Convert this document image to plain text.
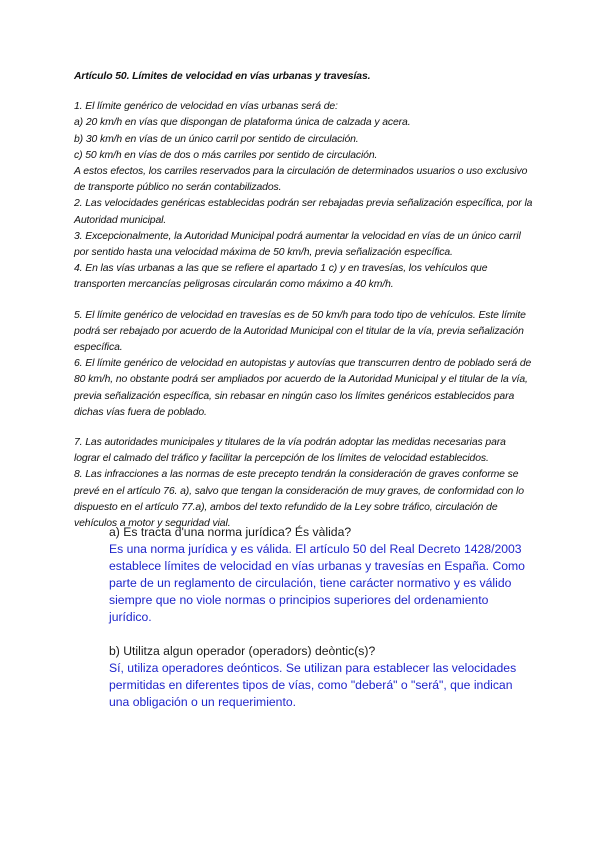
Artículo 50. Límites de velocidad en vías urbanas y travesías.

1. El límite genérico de velocidad en vías urbanas será de:

a) 20 km/h en vías que dispongan de plataforma única de calzada y acera.

b) 30 km/h en vías de un único carril por sentido de circulación.

c) 50 km/h en vías de dos o más carriles por sentido de circulación.

A estos efectos, los carriles reservados para la circulación de determinados usuarios o uso exclusivo de transporte público no serán contabilizados.

2. Las velocidades genéricas establecidas podrán ser rebajadas previa señalización específica, por la Autoridad municipal.

3. Excepcionalmente, la Autoridad Municipal podrá aumentar la velocidad en vías de un único carril por sentido hasta una velocidad máxima de 50 km/h, previa señalización específica.

4. En las vías urbanas a las que se refiere el apartado 1 c) y en travesías, los vehículos que transporten mercancías peligrosas circularán como máximo a 40 km/h.

5. El límite genérico de velocidad en travesías es de 50 km/h para todo tipo de vehículos. Este límite podrá ser rebajado por acuerdo de la Autoridad Municipal con el titular de la vía, previa señalización específica.

6. El límite genérico de velocidad en autopistas y autovías que transcurren dentro de poblado será de 80 km/h, no obstante podrá ser ampliados por acuerdo de la Autoridad Municipal y el titular de la vía, previa señalización específica, sin rebasar en ningún caso los límites genéricos establecidos para dichas vías fuera de poblado.

7. Las autoridades municipales y titulares de la vía podrán adoptar las medidas necesarias para lograr el calmado del tráfico y facilitar la percepción de los límites de velocidad establecidos.

8. Las infracciones a las normas de este precepto tendrán la consideración de graves conforme se prevé en el artículo 76. a), salvo que tengan la consideración de muy graves, de conformidad con lo dispuesto en el artículo 77.a), ambos del texto refundido de la Ley sobre tráfico, circulación de vehículos a motor y seguridad vial.

a) Es tracta d'una norma jurídica? És vàlida?
Es una norma jurídica y es válida. El artículo 50 del Real Decreto 1428/2003 establece límites de velocidad en vías urbanas y travesías en España. Como parte de un reglamento de circulación, tiene carácter normativo y es válido siempre que no viole normas o principios superiores del ordenamiento jurídico.
b) Utilitza algun operador (operadors) deòntic(s)?
Sí, utiliza operadores deónticos. Se utilizan para establecer las velocidades permitidas en diferentes tipos de vías, como "deberá" o "será", que indican una obligación o un requerimiento.
